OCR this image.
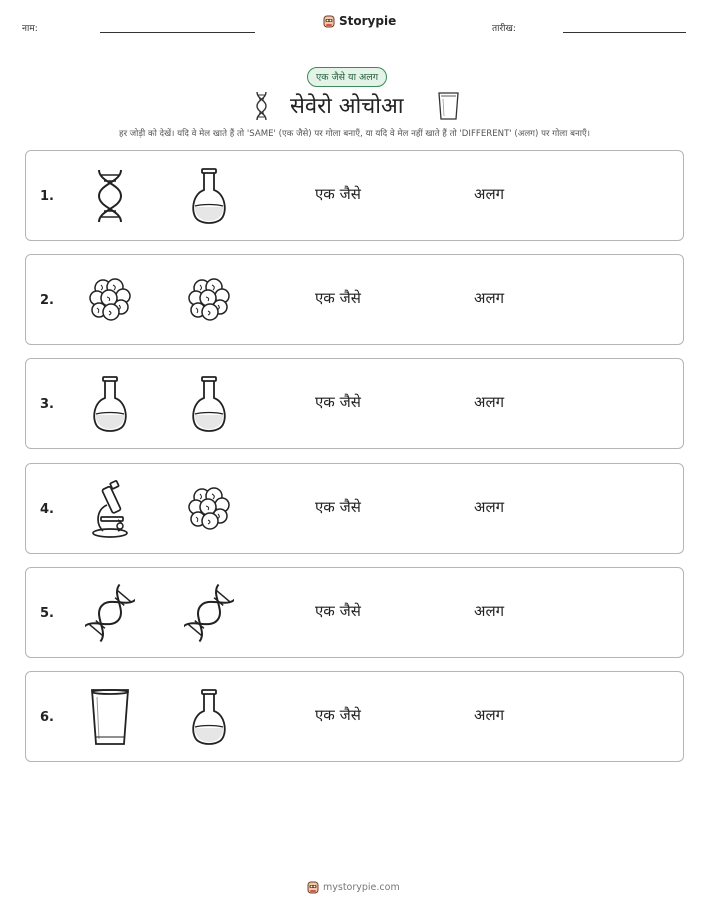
नाम:
Storypie
तारीख:
एक जैसे या अलग
सेवेरो ओचोआ
हर जोड़ी को देखें। यदि वे मेल खाते हैं तो 'SAME' (एक जैसे) पर गोला बनाएँ, या यदि वे मेल नहीं खाते हैं तो 'DIFFERENT' (अलग) पर गोला बनाएँ।
1.	एक जैसे	अलग
2.	एक जैसे	अलग
3.	एक जैसे	अलग
4.	एक जैसे	अलग
5.	एक जैसे	अलग
6.	एक जैसे	अलग
mystorypie.com
